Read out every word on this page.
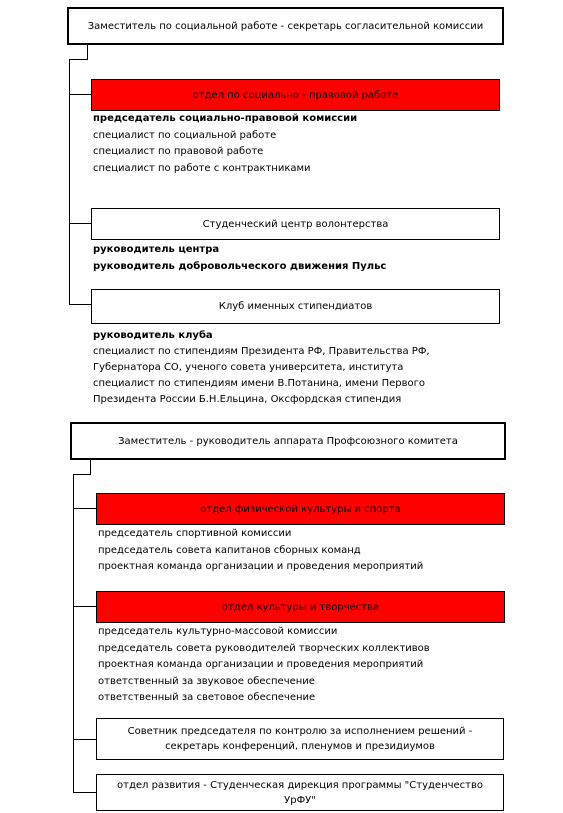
Заместитель по социальной работе - секретарь согласительной комиссии
отдел по социально - правовой работе
председатель социально-правовой комиссии
специалист по социальной работе
специалист по правовой работе
специалист по работе с контрактниками
Студенческий центр волонтерства
руководитель центра
руководитель добровольческого движения Пульс
Клуб именных стипендиатов
руководитель клуба
специалист по стипендиям Президента РФ, Правительства РФ,
Губернатора СО, ученого совета университета, института
специалист по стипендиям имени В.Потанина, имени Первого
Президента России Б.Н.Ельцина, Оксфордская стипендия
Заместитель - руководитель аппарата Профсоюзного комитета
отдел физической культуры и спорта
председатель спортивной комиссии
председатель совета капитанов сборных команд
проектная команда организации и проведения мероприятий
отдел культуры и творчества
председатель культурно-массовой комиссии
председатель совета руководителей творческих коллективов
проектная команда организации и проведения мероприятий
ответственный за звуковое обеспечение
ответственный за световое обеспечение
Советник председателя по контролю за исполнением решений -
секретарь конференций, пленумов и президиумов
отдел развития - Студенческая дирекция программы "Студенчество
УрФУ"
